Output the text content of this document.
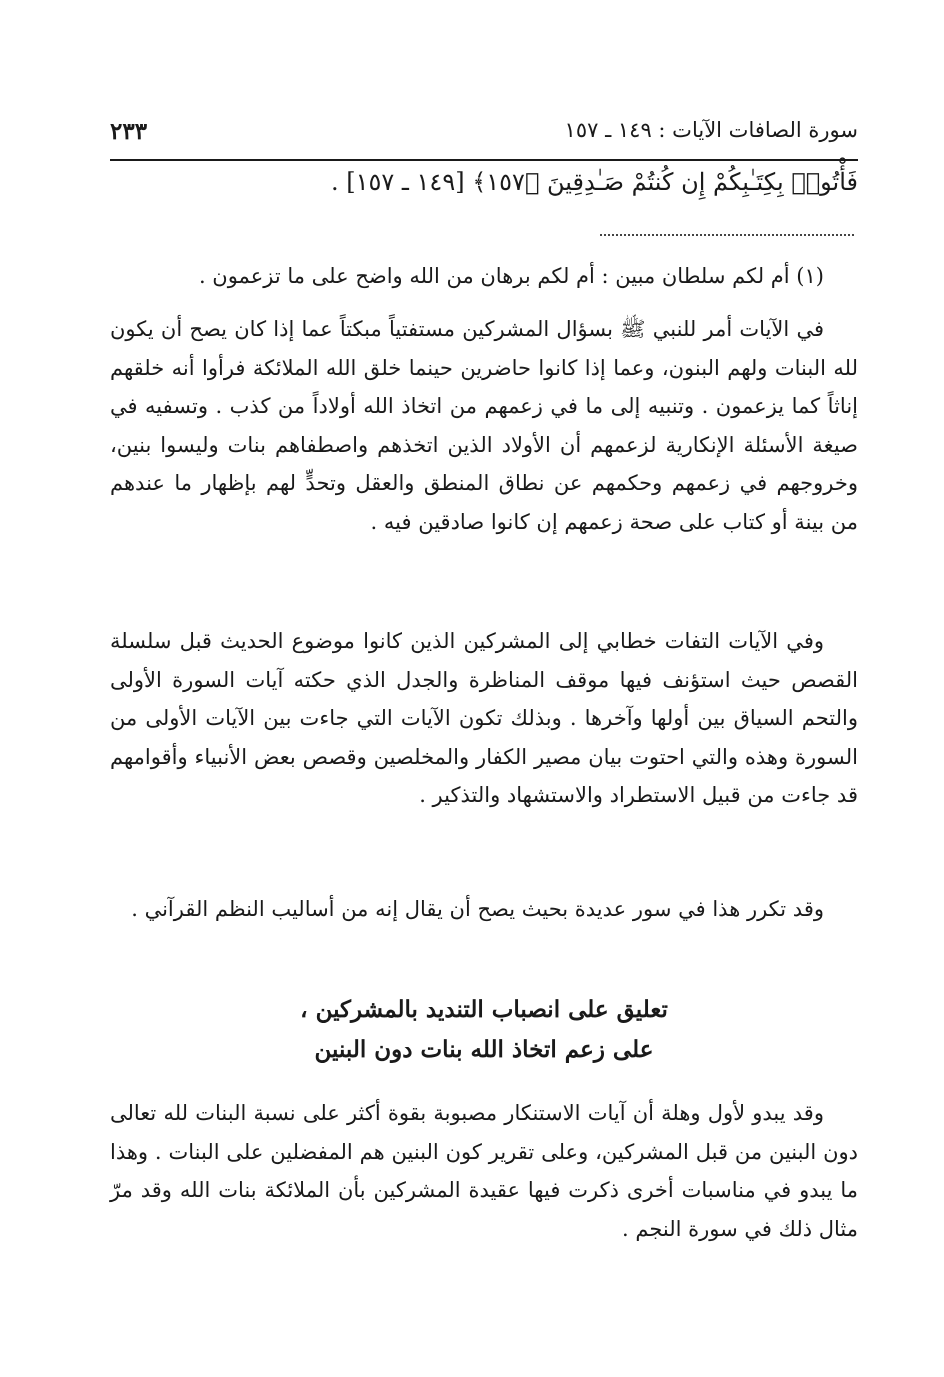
سورة الصافات الآيات : ١٤٩ ـ ١٥٧
٢٣٣
فَأْتُوا۟ بِكِتَـٰبِكُمْ إِن كُنتُمْ صَـٰدِقِينَ ﴿١٥٧﴾ [١٤٩ ـ ١٥٧] .

(١) أم لكم سلطان مبين : أم لكم برهان من الله واضح على ما تزعمون .

في الآيات أمر للنبي ﷺ بسؤال المشركين مستفتياً مبكتاً عما إذا كان يصح أن يكون لله البنات ولهم البنون، وعما إذا كانوا حاضرين حينما خلق الله الملائكة فرأوا أنه خلقهم إناثاً كما يزعمون . وتنبيه إلى ما في زعمهم من اتخاذ الله أولاداً من كذب . وتسفيه في صيغة الأسئلة الإنكارية لزعمهم أن الأولاد الذين اتخذهم واصطفاهم بنات وليسوا بنين، وخروجهم في زعمهم وحكمهم عن نطاق المنطق والعقل وتحدٍّ لهم بإظهار ما عندهم من بينة أو كتاب على صحة زعمهم إن كانوا صادقين فيه .

وفي الآيات التفات خطابي إلى المشركين الذين كانوا موضوع الحديث قبل سلسلة القصص حيث استؤنف فيها موقف المناظرة والجدل الذي حكته آيات السورة الأولى والتحم السياق بين أولها وآخرها . وبذلك تكون الآيات التي جاءت بين الآيات الأولى من السورة وهذه والتي احتوت بيان مصير الكفار والمخلصين وقصص بعض الأنبياء وأقوامهم قد جاءت من قبيل الاستطراد والاستشهاد والتذكير .

وقد تكرر هذا في سور عديدة بحيث يصح أن يقال إنه من أساليب النظم القرآني .

تعليق على انصباب التنديد بالمشركين ،
على زعم اتخاذ الله بنات دون البنين

وقد يبدو لأول وهلة أن آيات الاستنكار مصبوبة بقوة أكثر على نسبة البنات لله تعالى دون البنين من قبل المشركين، وعلى تقرير كون البنين هم المفضلين على البنات . وهذا ما يبدو في مناسبات أخرى ذكرت فيها عقيدة المشركين بأن الملائكة بنات الله وقد مرّ مثال ذلك في سورة النجم .
